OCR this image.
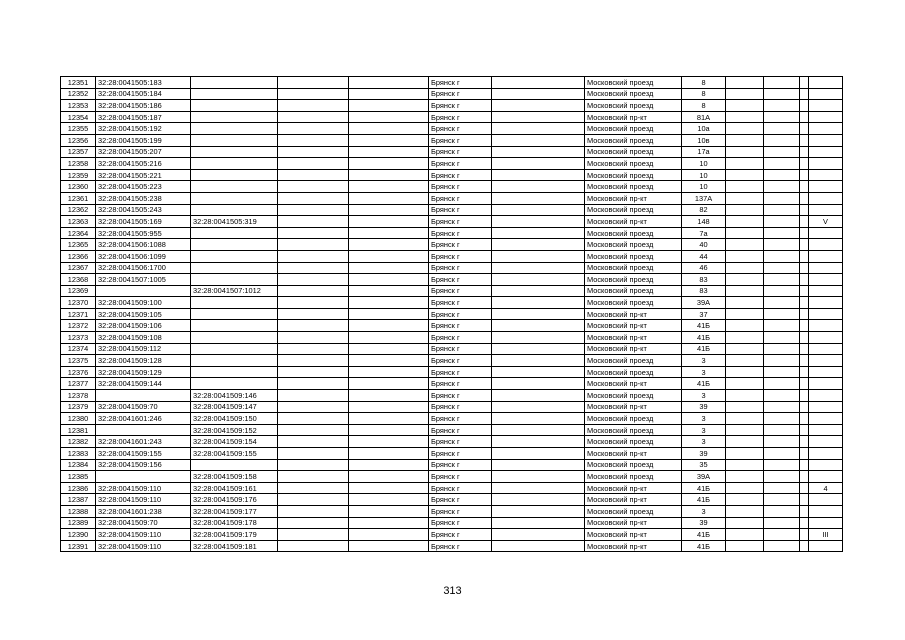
12351	32:28:0041505:183				Брянск г		Московский проезд	8				
12352	32:28:0041505:184				Брянск г		Московский проезд	8				
12353	32:28:0041505:186				Брянск г		Московский проезд	8				
12354	32:28:0041505:187				Брянск г		Московский пр-кт	81А				
12355	32:28:0041505:192				Брянск г		Московский проезд	10а				
12356	32:28:0041505:199				Брянск г		Московский проезд	10в				
12357	32:28:0041505:207				Брянск г		Московский проезд	17а				
12358	32:28:0041505:216				Брянск г		Московский проезд	10				
12359	32:28:0041505:221				Брянск г		Московский проезд	10				
12360	32:28:0041505:223				Брянск г		Московский проезд	10				
12361	32:28:0041505:238				Брянск г		Московский пр-кт	137А				
12362	32:28:0041505:243				Брянск г		Московский проезд	82				
12363	32:28:0041505:169	32:28:0041505:319			Брянск г		Московский пр-кт	148				V
12364	32:28:0041505:955				Брянск г		Московский проезд	7а				
12365	32:28:0041506:1088				Брянск г		Московский проезд	40				
12366	32:28:0041506:1099				Брянск г		Московский проезд	44				
12367	32:28:0041506:1700				Брянск г		Московский проезд	46				
12368	32:28:0041507:1005				Брянск г		Московский проезд	83				
12369		32:28:0041507:1012			Брянск г		Московский проезд	83				
12370	32:28:0041509:100				Брянск г		Московский проезд	39А				
12371	32:28:0041509:105				Брянск г		Московский пр-кт	37				
12372	32:28:0041509:106				Брянск г		Московский пр-кт	41Б				
12373	32:28:0041509:108				Брянск г		Московский пр-кт	41Б				
12374	32:28:0041509:112				Брянск г		Московский пр-кт	41Б				
12375	32:28:0041509:128				Брянск г		Московский проезд	3				
12376	32:28:0041509:129				Брянск г		Московский проезд	3				
12377	32:28:0041509:144				Брянск г		Московский пр-кт	41Б				
12378		32:28:0041509:146			Брянск г		Московский проезд	3				
12379	32:28:0041509:70	32:28:0041509:147			Брянск г		Московский пр-кт	39				
12380	32:28:0041601:246	32:28:0041509:150			Брянск г		Московский проезд	3				
12381		32:28:0041509:152			Брянск г		Московский проезд	3				
12382	32:28:0041601:243	32:28:0041509:154			Брянск г		Московский проезд	3				
12383	32:28:0041509:155	32:28:0041509:155			Брянск г		Московский пр-кт	39				
12384	32:28:0041509:156				Брянск г		Московский проезд	35				
12385		32:28:0041509:158			Брянск г		Московский проезд	39А				
12386	32:28:0041509:110	32:28:0041509:161			Брянск г		Московский пр-кт	41Б				4
12387	32:28:0041509:110	32:28:0041509:176			Брянск г		Московский пр-кт	41Б				
12388	32:28:0041601:238	32:28:0041509:177			Брянск г		Московский проезд	3				
12389	32:28:0041509:70	32:28:0041509:178			Брянск г		Московский пр-кт	39				
12390	32:28:0041509:110	32:28:0041509:179			Брянск г		Московский пр-кт	41Б				III
12391	32:28:0041509:110	32:28:0041509:181			Брянск г		Московский пр-кт	41Б				
313
